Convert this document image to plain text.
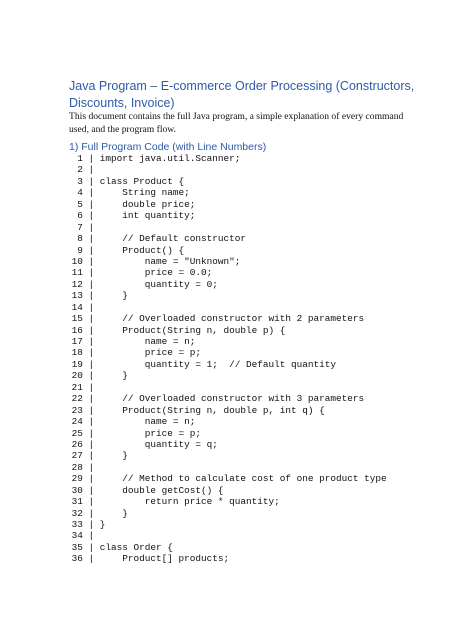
Java Program – E-commerce Order Processing (Constructors, Discounts, Invoice)
This document contains the full Java program, a simple explanation of every command used, and the program flow.
1) Full Program Code (with Line Numbers)
1 | import java.util.Scanner;
2 |
3 | class Product {
4 |     String name;
5 |     double price;
6 |     int quantity;
7 |
8 |     // Default constructor
9 |     Product() {
10 |         name = "Unknown";
11 |         price = 0.0;
12 |         quantity = 0;
13 |     }
14 |
15 |     // Overloaded constructor with 2 parameters
16 |     Product(String n, double p) {
17 |         name = n;
18 |         price = p;
19 |         quantity = 1;  // Default quantity
20 |     }
21 |
22 |     // Overloaded constructor with 3 parameters
23 |     Product(String n, double p, int q) {
24 |         name = n;
25 |         price = p;
26 |         quantity = q;
27 |     }
28 |
29 |     // Method to calculate cost of one product type
30 |     double getCost() {
31 |         return price * quantity;
32 |     }
33 | }
34 |
35 | class Order {
36 |     Product[] products;
